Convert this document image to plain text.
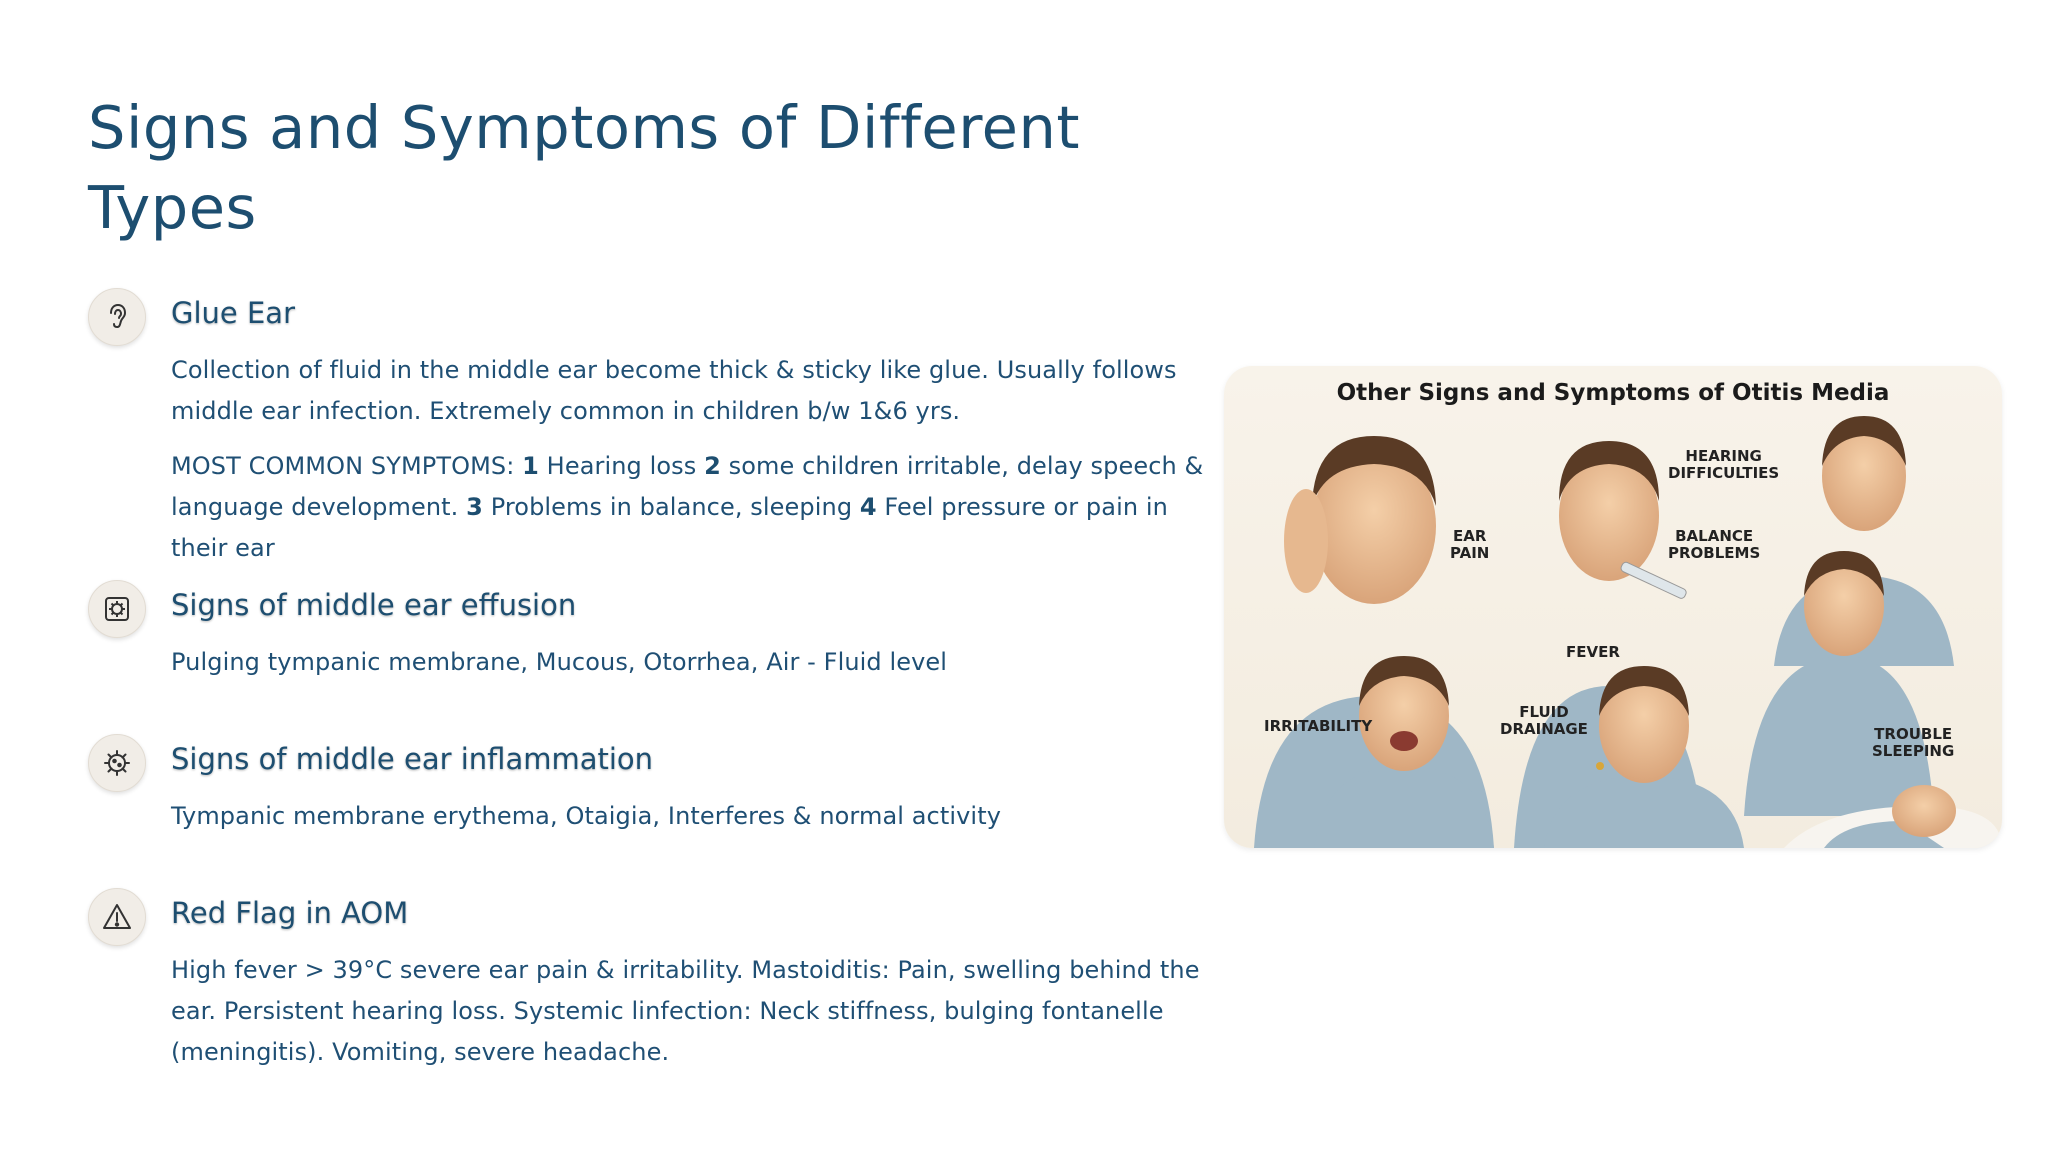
Signs and Symptoms of Different Types
Glue Ear
Collection of fluid in the middle ear become thick & sticky like glue. Usually follows middle ear infection. Extremely common in children b/w 1&6 yrs.
MOST COMMON SYMPTOMS: 1 Hearing loss 2 some children irritable, delay speech & language development. 3 Problems in balance, sleeping 4 Feel pressure or pain in their ear
Signs of middle ear effusion
Pulging tympanic membrane, Mucous, Otorrhea, Air - Fluid level
Signs of middle ear inflammation
Tympanic membrane erythema, Otaigia, Interferes & normal activity
Red Flag in AOM
High fever > 39°C severe ear pain & irritability. Mastoiditis: Pain, swelling behind the ear. Persistent hearing loss. Systemic linfection: Neck stiffness, bulging fontanelle (meningitis). Vomiting, severe headache.
Other Signs and Symptoms of Otitis Media
EAR
PAIN
HEARING
DIFFICULTIES
BALANCE
PROBLEMS
FEVER
IRRITABILITY
FLUID
DRAINAGE	TROUBLE
SLEEPING
